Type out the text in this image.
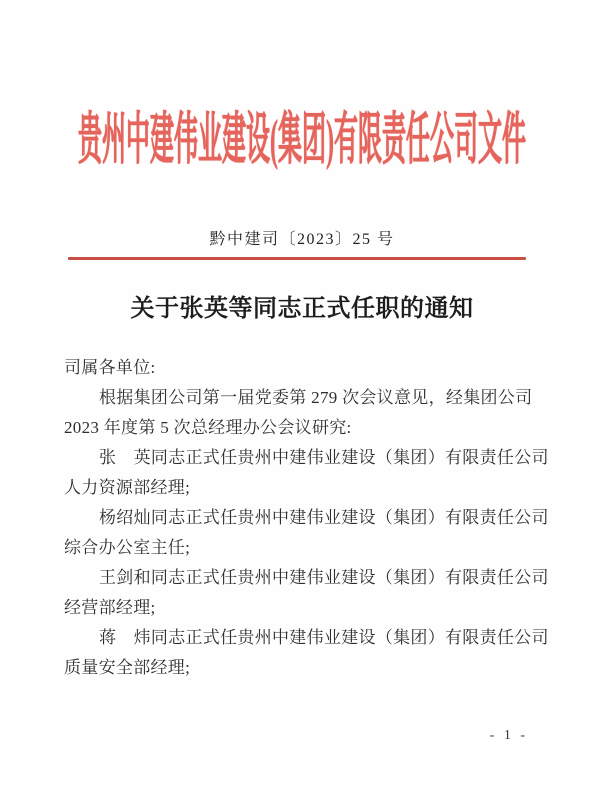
贵州中建伟业建设(集团)有限责任公司文件
黔中建司〔2023〕25 号
关于张英等同志正式任职的通知
司属各单位:
根据集团公司第一届党委第 279 次会议意见，经集团公司
2023 年度第 5 次总经理办公会议研究:
张　英同志正式任贵州中建伟业建设（集团）有限责任公司
人力资源部经理;
杨绍灿同志正式任贵州中建伟业建设（集团）有限责任公司
综合办公室主任;
王剑和同志正式任贵州中建伟业建设（集团）有限责任公司
经营部经理;
蒋　炜同志正式任贵州中建伟业建设（集团）有限责任公司
质量安全部经理;
- 1 -
